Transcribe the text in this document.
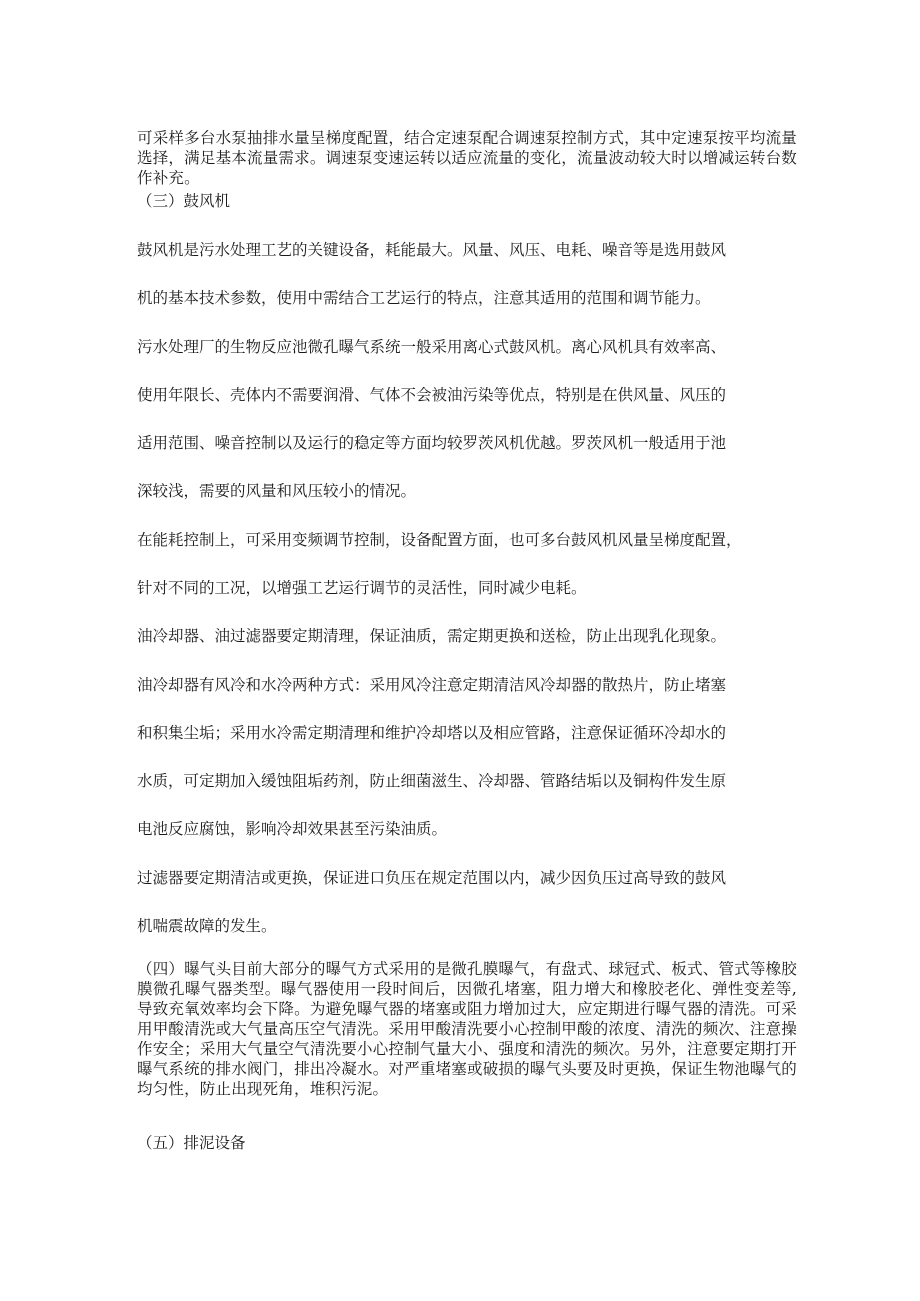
可采样多台水泵抽排水量呈梯度配置，结合定速泵配合调速泵控制方式，其中定速泵按平均流量选择，满足基本流量需求。调速泵变速运转以适应流量的变化，流量波动较大时以增减运转台数作补充。

（三）鼓风机

鼓风机是污水处理工艺的关键设备，耗能最大。风量、风压、电耗、噪音等是选用鼓风

机的基本技术参数，使用中需结合工艺运行的特点，注意其适用的范围和调节能力。

污水处理厂的生物反应池微孔曝气系统一般采用离心式鼓风机。离心风机具有效率高、

使用年限长、壳体内不需要润滑、气体不会被油污染等优点，特别是在供风量、风压的

适用范围、噪音控制以及运行的稳定等方面均较罗茨风机优越。罗茨风机一般适用于池

深较浅，需要的风量和风压较小的情况。

在能耗控制上，可采用变频调节控制，设备配置方面，也可多台鼓风机风量呈梯度配置，

针对不同的工况，以增强工艺运行调节的灵活性，同时减少电耗。

油冷却器、油过滤器要定期清理，保证油质，需定期更换和送检，防止出现乳化现象。

油冷却器有风冷和水冷两种方式：采用风冷注意定期清洁风冷却器的散热片，防止堵塞

和积集尘垢；采用水冷需定期清理和维护冷却塔以及相应管路，注意保证循环冷却水的

水质，可定期加入缓蚀阻垢药剂，防止细菌滋生、冷却器、管路结垢以及铜构件发生原

电池反应腐蚀，影响冷却效果甚至污染油质。

过滤器要定期清洁或更换，保证进口负压在规定范围以内，减少因负压过高导致的鼓风

机喘震故障的发生。

（四）曝气头目前大部分的曝气方式采用的是微孔膜曝气，有盘式、球冠式、板式、管式等橡胶膜微孔曝气器类型。曝气器使用一段时间后，因微孔堵塞，阻力增大和橡胶老化、弹性变差等,导致充氧效率均会下降。为避免曝气器的堵塞或阻力增加过大，应定期进行曝气器的清洗。可采用甲酸清洗或大气量高压空气清洗。采用甲酸清洗要小心控制甲酸的浓度、清洗的频次、注意操作安全；采用大气量空气清洗要小心控制气量大小、强度和清洗的频次。另外，注意要定期打开曝气系统的排水阀门，排出冷凝水。对严重堵塞或破损的曝气头要及时更换，保证生物池曝气的均匀性，防止出现死角，堆积污泥。

（五）排泥设备
